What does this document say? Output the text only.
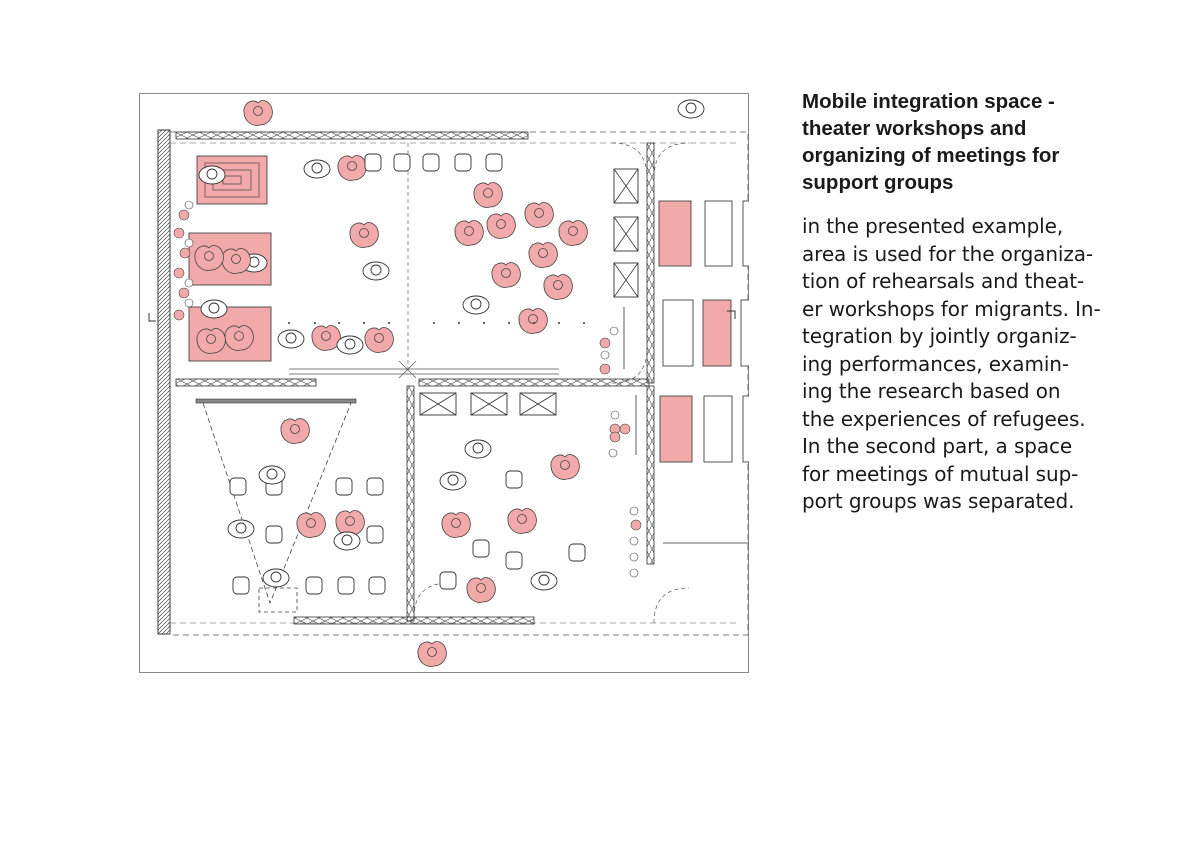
Mobile integration space -
theater workshops and
organizing of meetings for
support groups

in the presented example,
area is used for the organiza-
tion of rehearsals and theat-
er workshops for migrants. In-
tegration by jointly organiz-
ing performances, examin-
ing the research based on
the experiences of refugees.
In the second part, a space
for meetings of mutual sup-
port groups was separated.
